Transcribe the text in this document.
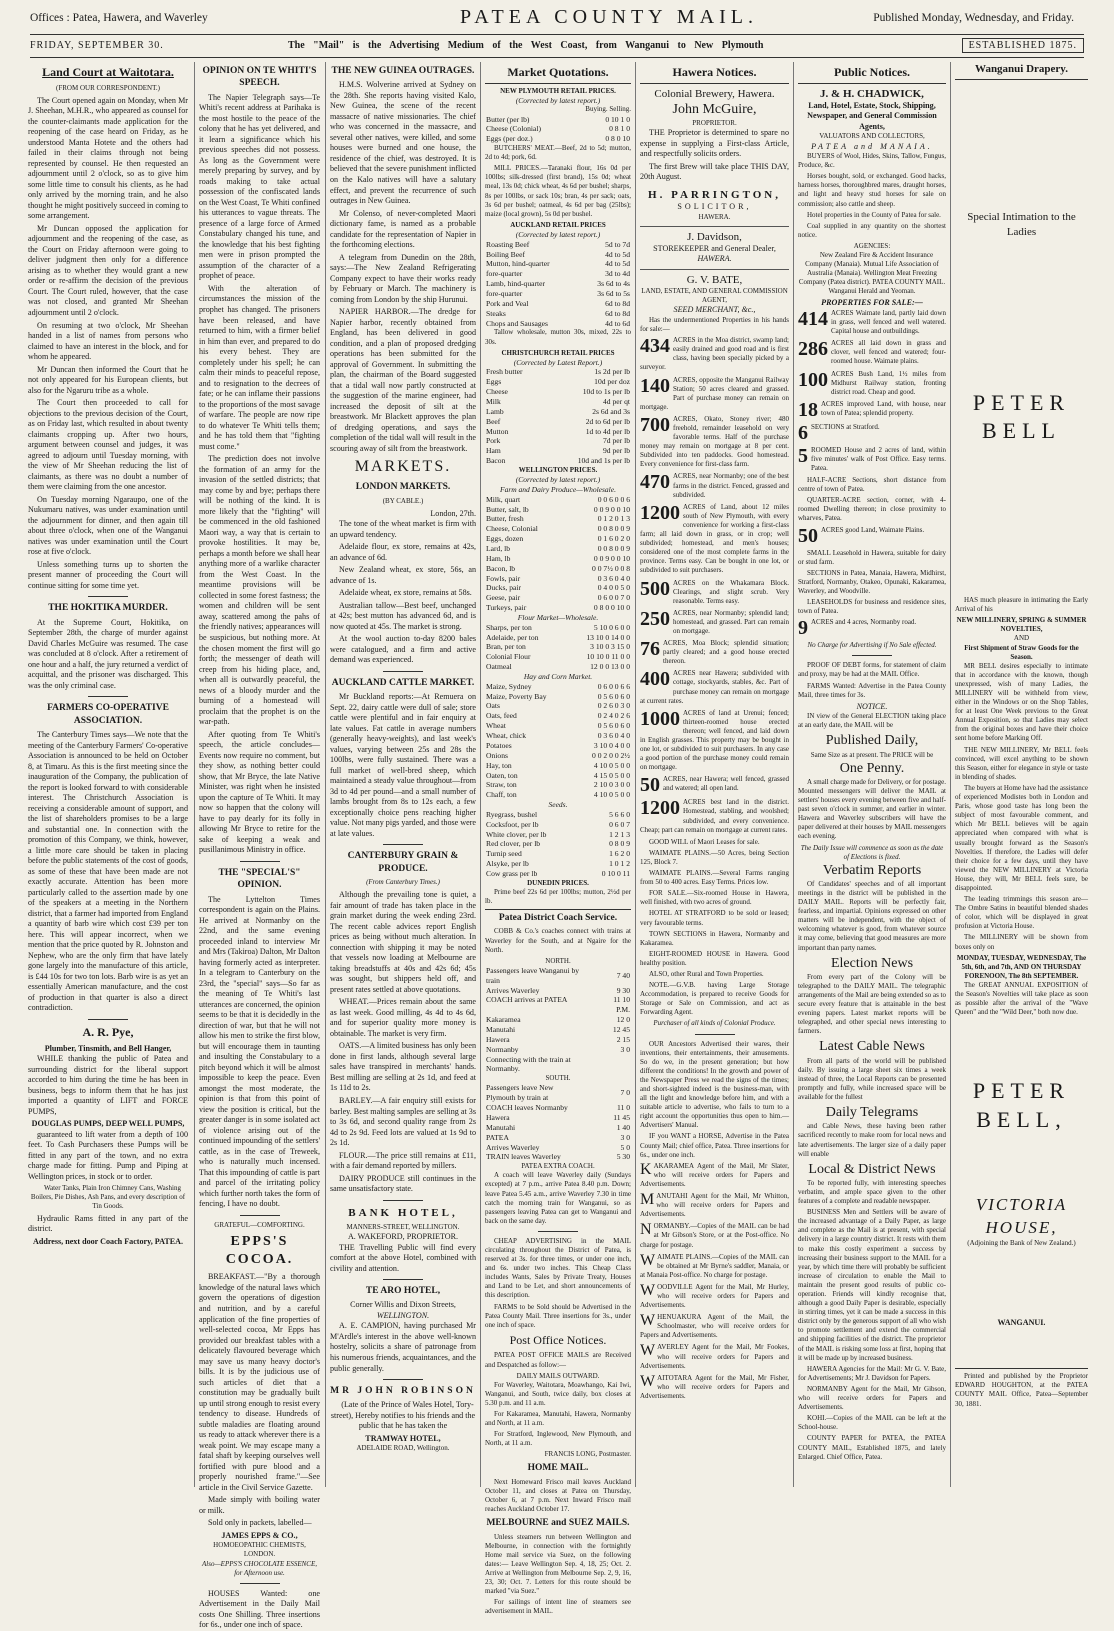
Offices : Patea, Hawera, and Waverley	PATEA COUNTY MAIL.	Published Monday, Wednesday, and Friday.
FRIDAY, SEPTEMBER 30.	The "Mail" is the Advertising Medium of the West Coast, from Wanganui to New Plymouth	ESTABLISHED 1875.
Land Court at Waitotara.
(FROM OUR CORRESPONDENT.)

The Court opened again on Monday, when Mr J. Sheehan, M.H.R., who appeared as counsel for the counter-claimants made application for the reopening of the case heard on Friday, as he understood Manta Hotete and the others had failed in their claims through not being represented by counsel. He then requested an adjournment until 2 o'clock, so as to give him some little time to consult his clients, as he had only arrived by the morning train, and he also thought he might positively succeed in coming to some arrangement.

Mr Duncan opposed the application for adjournment and the reopening of the case, as the Court on Friday afternoon were going to deliver judgment then only for a difference arising as to whether they would grant a new order or re-affirm the decision of the previous Court. The Court ruled, however, that the case was not closed, and granted Mr Sheehan adjournment until 2 o'clock.

On resuming at two o'clock, Mr Sheehan handed in a list of names from persons who claimed to have an interest in the block, and for whom he appeared.

Mr Duncan then informed the Court that he not only appeared for his European clients, but also for the Ngaruru tribe as a whole.

The Court then proceeded to call for objections to the previous decision of the Court, as on Friday last, which resulted in about twenty claimants cropping up. After two hours, argument between counsel and judges, it was agreed to adjourn until Tuesday morning, with the view of Mr Sheehan reducing the list of claimants, as there was no doubt a number of them were claiming from the one ancestor.

On Tuesday morning Ngaraupo, one of the Nukumaru natives, was under examination until the adjournment for dinner, and then again till about three o'clock, when one of the Wanganui natives was under examination until the Court rose at five o'clock.

Unless something turns up to shorten the present manner of proceeding the Court will continue sitting for some time yet.

THE HOKITIKA MURDER.

At the Supreme Court, Hokitika, on September 28th, the charge of murder against David Charles McGuire was resumed. The case was concluded at 8 o'clock. After a retirement of one hour and a half, the jury returned a verdict of acquittal, and the prisoner was discharged. This was the only criminal case.

FARMERS CO-OPERATIVE ASSOCIATION.

The Canterbury Times says—We note that the meeting of the Canterbury Farmers' Co-operative Association is announced to be held on October 8, at Timaru. As this is the first meeting since the inauguration of the Company, the publication of the report is looked forward to with considerable interest. The Christchurch Association is receiving a considerable amount of support, and the list of shareholders promises to be a large and substantial one. In connection with the promotion of this Company, we think, however, a little more care should be taken in placing before the public statements of the cost of goods, as some of these that have been made are not exactly accurate. Attention has been more particularly called to the assertion made by one of the speakers at a meeting in the Northern district, that a farmer had imported from England a quantity of barb wire which cost £39 per ton here. This will appear incorrect, when we mention that the price quoted by R. Johnston and Nephew, who are the only firm that have lately gone largely into the manufacture of this article, is £44 10s for two ton lots. Barb wire is as yet an essentially American manufacture, and the cost of production in that quarter is also a direct contradiction.

A. R. Pye,
Plumber, Tinsmith, and Bell Hanger,

WHILE thanking the public of Patea and surrounding district for the liberal support accorded to him during the time he has been in business, begs to inform them that he has just imported a quantity of LIFT and FORCE PUMPS,

DOUGLAS PUMPS, DEEP WELL PUMPS,

guaranteed to lift water from a depth of 100 feet. To Cash Purchasers these Pumps will be fitted in any part of the town, and no extra charge made for fitting. Pump and Piping at Wellington prices, in stock or to order.

Water Tanks, Plain Iron Chimney Cans, Washing Boilers, Pie Dishes, Ash Pans, and every description of Tin Goods.

Hydraulic Rams fitted in any part of the district.

Address, next door Coach Factory, PATEA.
OPINION ON TE WHITI'S SPEECH.

The Napier Telegraph says—Te Whiti's recent address at Parihaka is the most hostile to the peace of the colony that he has yet delivered, and it learn a significance which his previous speeches did not possess. As long as the Government were merely preparing by survey, and by roads making to take actual possession of the confiscated lands on the West Coast, Te Whiti confined his utterances to vague threats. The presence of a large force of Armed Constabulary changed his tune, and the knowledge that his best fighting men were in prison prompted the assumption of the character of a prophet of peace.

With the alteration of circumstances the mission of the prophet has changed. The prisoners have been released, and have returned to him, with a firmer belief in him than ever, and prepared to do his every behest. They are completely under his spell; he can calm their minds to peaceful repose, and to resignation to the decrees of fate; or he can inflame their passions to the proportions of the most savage of warfare. The people are now ripe to do whatever Te Whiti tells them; and he has told them that "fighting must come."

The prediction does not involve the formation of an army for the invasion of the settled districts; that may come by and bye; perhaps there will be nothing of the kind. It is more likely that the "fighting" will be commenced in the old fashioned Maori way, a way that is certain to provoke hostilities. It may be, perhaps a month before we shall hear anything more of a warlike character from the West Coast. In the meantime provisions will be collected in some forest fastness; the women and children will be sent away, scattered among the pahs of the friendly natives; appearances will be suspicious, but nothing more. At the chosen moment the first will go forth; the messenger of death will creep from his hiding place, and, when all is outwardly peaceful, the news of a bloody murder and the burning of a homestead will proclaim that the prophet is on the war-path.

After quoting from Te Whiti's speech, the article concludes—Events now require no comment, but they show, as nothing better could show, that Mr Bryce, the late Native Minister, was right when he insisted upon the capture of Te Whiti. It may now so happen that the colony will have to pay dearly for its folly in allowing Mr Bryce to retire for the sake of keeping a weak and pusillanimous Ministry in office.

THE "SPECIAL'S" OPINION.

The Lyttelton Times correspondent is again on the Plains. He arrived at Normanby on the 22nd, and the same evening proceeded inland to interview Mr and Mrs (Takiroa) Dalton, Mr Dalton having formerly acted as interpreter. In a telegram to Canterbury on the 23rd, the "special" says—So far as the meaning of Te Whiti's last utterances are concerned, the opinion seems to be that it is decidedly in the direction of war, but that he will not allow his men to strike the first blow, but will encourage them in taunting and insulting the Constabulary to a pitch beyond which it will be almost impossible to keep the peace. Even amongst the most moderate, the opinion is that from this point of view the position is critical, but the greater danger is in some isolated act of violence arising out of the continued impounding of the settlers' cattle, as in the case of Treweek, who is naturally much incensed. That this impounding of cattle is part and parcel of the irritating policy which further north takes the form of fencing, I have no doubt.

GRATEFUL—COMFORTING.
EPPS'S COCOA.

BREAKFAST.—"By a thorough knowledge of the natural laws which govern the operations of digestion and nutrition, and by a careful application of the fine properties of well-selected cocoa, Mr Epps has provided our breakfast tables with a delicately flavoured beverage which may save us many heavy doctor's bills. It is by the judicious use of such articles of diet that a constitution may be gradually built up until strong enough to resist every tendency to disease. Hundreds of subtle maladies are floating around us ready to attack wherever there is a weak point. We may escape many a fatal shaft by keeping ourselves well fortified with pure blood and a properly nourished frame."—See article in the Civil Service Gazette.

Made simply with boiling water or milk.

Sold only in packets, labelled—

JAMES EPPS & CO.,
HOMOEOPATHIC CHEMISTS, LONDON.
Also—EPPS'S CHOCOLATE ESSENCE, for Afternoon use.

HOUSES Wanted: one Advertisement in the Daily Mail costs One Shilling. Three insertions for 6s., under one inch of space.

THE NEW GUINEA OUTRAGES.

H.M.S. Wolverine arrived at Sydney on the 28th. She reports having visited Kalo, New Guinea, the scene of the recent massacre of native missionaries. The chief who was concerned in the massacre, and several other natives, were killed, and some houses were burned and one house, the residence of the chief, was destroyed. It is believed that the severe punishment inflicted on the Kalo natives will have a salutary effect, and prevent the recurrence of such outrages in New Guinea.

Mr Colenso, of never-completed Maori dictionary fame, is named as a probable candidate for the representation of Napier in the forthcoming elections.

A telegram from Dunedin on the 28th, says:—The New Zealand Refrigerating Company expect to have their works ready by February or March. The machinery is coming from London by the ship Hurunui.

NAPIER HARBOR.—The dredge for Napier harbor, recently obtained from England, has been delivered in good condition, and a plan of proposed dredging operations has been submitted for the approval of Government. In submitting the plan, the chairman of the Board suggested that a tidal wall now partly constructed at the suggestion of the marine engineer, had increased the deposit of silt at the breastwork. Mr Blackett approves the plan of dredging operations, and says the completion of the tidal wall will result in the scouring away of silt from the breastwork.

MARKETS.
LONDON MARKETS.
(BY CABLE.)
London, 27th.

The tone of the wheat market is firm with an upward tendency.

Adelaide flour, ex store, remains at 42s, an advance of 6d.

New Zealand wheat, ex store, 56s, an advance of 1s.

Adelaide wheat, ex store, remains at 58s.

Australian tallow—Best beef, unchanged at 42s; best mutton has advanced 6d, and is now quoted at 45s. The market is strong.

At the wool auction to-day 8200 bales were catalogued, and a firm and active demand was experienced.

AUCKLAND CATTLE MARKET.

Mr Buckland reports:—At Remuera on Sept. 22, dairy cattle were dull of sale; store cattle were plentiful and in fair enquiry at late values. Fat cattle in average numbers (generally heavy-weights), and last week's values, varying between 25s and 28s the 100lbs, were fully sustained. There was a full market of well-bred sheep, which maintained a steady value throughout—from 3d to 4d per pound—and a small number of lambs brought from 8s to 12s each, a few exceptionally choice pens reaching higher value. Not many pigs yarded, and those were at late values.

CANTERBURY GRAIN & PRODUCE.
(From Canterbury Times.)

Although the prevailing tone is quiet, a fair amount of trade has taken place in the grain market during the week ending 23rd. The recent cable advices report English prices as being without much alteration. In connection with shipping it may be noted that vessels now loading at Melbourne are taking breadstuffs at 40s and 42s 6d; 45s was sought, but shippers held off, and present rates settled at above quotations.

WHEAT.—Prices remain about the same as last week. Good milling, 4s 4d to 4s 6d, and for superior quality more money is obtainable. The market is very firm.

OATS.—A limited business has only been done in first lands, although several large sales have transpired in merchants' hands. Best milling are selling at 2s 1d, and feed at 1s 11d to 2s.

BARLEY.—A fair enquiry still exists for barley. Best malting samples are selling at 3s to 3s 6d, and second quality range from 2s 4d to 2s 9d. Feed lots are valued at 1s 9d to 2s 1d.

FLOUR.—The price still remains at £11, with a fair demand reported by millers.

DAIRY PRODUCE still continues in the same unsatisfactory state.

BANK HOTEL,
MANNERS-STREET, WELLINGTON.
A. WAKEFORD, PROPRIETOR.

THE Travelling Public will find every comfort at the above Hotel, combined with civility and attention.

TE ARO HOTEL,
Corner Willis and Dixon Streets,
WELLINGTON.

A. E. CAMPION, having purchased Mr M'Ardle's interest in the above well-known hostelry, solicits a share of patronage from his numerous friends, acquaintances, and the public generally.

MR JOHN ROBINSON

(Late of the Prince of Wales Hotel, Tory-street), Hereby notifies to his friends and the public that he has taken the

TRAMWAY HOTEL,
ADELAIDE ROAD, Wellington.
Market Quotations.
NEW PLYMOUTH RETAIL PRICES.
(Corrected by latest report.)
Buying. Selling.
Butter (per lb)	0 10 1 0
Cheese (Colonial)	0 8 1 0
Eggs (per doz.)	0 8 0 10

BUTCHERS' MEAT.—Beef, 2d to 5d; mutton, 2d to 4d; pork, 6d.

MILL PRICES.—Taranaki flour, 16s 0d per 100lbs; silk-dressed (first brand), 15s 0d; wheat meal, 13s 0d; chick wheat, 4s 6d per bushel; sharps, 8s per 100lbs, or sack 10s; bran, 4s per sack; oats, 3s 6d per bushel; oatmeal, 4s 6d per bag (25lbs); maize (local grown), 5s 0d per bushel.

AUCKLAND RETAIL PRICES
(Corrected by latest report.)
Roasting Beef	5d to 7d
Boiling Beef	4d to 5d
Mutton, hind-quarter	4d to 5d
fore-quarter	3d to 4d
Lamb, hind-quarter	3s 6d to 4s
fore-quarter	3s 6d to 5s
Pork and Veal	6d to 8d
Steaks	6d to 8d
Chops and Sausages	4d to 6d

Tallow wholesale, mutton 30s, mixed, 22s to 30s.

CHRISTCHURCH RETAIL PRICES
(Corrected by Latest Report.)
Fresh butter	1s 2d per lb
Eggs	10d per doz
Cheese	10d to 1s per lb
Milk	4d per qt
Lamb	2s 6d and 3s
Beef	2d to 6d per lb
Mutton	1d to 4d per lb
Pork	7d per lb
Ham	9d per lb
Bacon	10d and 1s per lb
WELLINGTON PRICES.
(Corrected by latest report.)
Farm and Dairy Produce—Wholesale.
Milk, quart	0 0 6 0 0 6
Butter, salt, lb	0 0 9 0 0 10
Butter, fresh	0 1 2 0 1 3
Cheese, Colonial	0 0 8 0 0 9
Eggs, dozen	0 1 6 0 2 0
Lard, lb	0 0 8 0 0 9
Ham, lb	0 0 9 0 0 10
Bacon, lb	0 0 7½ 0 0 8
Fowls, pair	0 3 6 0 4 0
Ducks, pair	0 4 0 0 5 0
Geese, pair	0 6 0 0 7 0
Turkeys, pair	0 8 0 0 10 0
Flour Market—Wholesale.
Sharps, per ton	5 10 0 6 0 0
Adelaide, per ton	13 10 0 14 0 0
Bran, per ton	3 10 0 3 15 0
Colonial Flour	10 10 0 11 0 0
Oatmeal	12 0 0 13 0 0
Hay and Corn Market.
Maize, Sydney	0 6 0 0 6 6
Maize, Poverty Bay	0 5 6 0 6 0
Oats	0 2 6 0 3 0
Oats, feed	0 2 4 0 2 6
Wheat	0 5 6 0 6 0
Wheat, chick	0 3 6 0 4 0
Potatoes	3 10 0 4 0 0
Onions	0 0 2 0 0 2½
Hay, ton	4 10 0 5 0 0
Oaten, ton	4 15 0 5 0 0
Straw, ton	2 10 0 3 0 0
Chaff, ton	4 10 0 5 0 0
Seeds.
Ryegrass, bushel	5 6 6 0
Cocksfoot, per lb	0 6 0 7
White clover, per lb	1 2 1 3
Red clover, per lb	0 8 0 9
Turnip seed	1 6 2 0
Alsyke, per lb	1 0 1 2
Cow grass per lb	0 10 0 11
DUNEDIN PRICES.

Prime beef 22s 6d per 100lbs; mutton, 2½d per lb.

Patea District Coach Service.

COBB & Co.'s coaches connect with trains at Waverley for the South, and at Ngaire for the North.

NORTH.
Passengers leave Wanganui by train	7 40
Arrives Waverley	9 30
COACH arrives at PATEA	11 10
	P.M.
Kakaramea	12 0
Manutahi	12 45
Hawera	2 15
Normanby	3 0
Connecting with the train at Normanby.	
SOUTH.
Passengers leave New Plymouth by train at	7 0
COACH leaves Normanby	11 0
Hawera	11 45
Manutahi	1 40
PATEA	3 0
Arrives Waverley	5 0
TRAIN leaves Waverley	5 30
PATEA EXTRA COACH.

A coach will leave Waverley daily (Sundays excepted) at 7 p.m., arrive Patea 8.40 p.m. Down; leave Patea 5.45 a.m., arrive Waverley 7.30 in time catch the morning train for Wanganui, so as passengers leaving Patea can get to Wanganui and back on the same day.

CHEAP ADVERTISING in the MAIL circulating throughout the District of Patea, is reserved at 3s. for three times, or under one inch, and 6s. under two inches. This Cheap Class includes Wants, Sales by Private Treaty, Houses and Land to be Let, and short announcements of this description.

FARMS to be Sold should be Advertised in the Patea County Mail. Three insertions for 3s., under one inch of space.

Post Office Notices.

PATEA POST OFFICE MAILS are Received and Despatched as follow:—

DAILY MAILS OUTWARD.

For Waverley, Waitotara, Moawhango, Kai Iwi, Wanganui, and South, twice daily, box closes at 5.30 p.m. and 11 a.m.

For Kakaramea, Manutahi, Hawera, Normanby and North, at 11 a.m.

For Stratford, Inglewood, New Plymouth, and North, at 11 a.m.

FRANCIS LONG, Postmaster.
HOME MAIL.

Next Homeward Frisco mail leaves Auckland October 11, and closes at Patea on Thursday, October 6, at 7 p.m. Next Inward Frisco mail reaches Auckland October 17.

MELBOURNE and SUEZ MAILS.

Unless steamers run between Wellington and Melbourne, in connection with the fortnightly Home mail service via Suez, on the following dates:— Leave Wellington Sep. 4, 18, 25; Oct. 2. Arrive at Wellington from Melbourne Sep. 2, 9, 16, 23, 30; Oct. 7. Letters for this route should be marked "via Suez."

For sailings of intent line of steamers see advertisement in MAIL.

Hawera Notices.
Colonial Brewery, Hawera.
John McGuire,
PROPRIETOR.

THE Proprietor is determined to spare no expense in supplying a First-class Article, and respectfully solicits orders.

The first Brew will take place THIS DAY, 20th August.

H. PARRINGTON,
SOLICITOR,
HAWERA.
J. Davidson,
STOREKEEPER and General Dealer,
HAWERA.
G. V. BATE,
LAND, ESTATE, AND GENERAL COMMISSION AGENT,
SEED MERCHANT, &c.,

Has the undermentioned Properties in his hands for sale:—

434 ACRES in the Moa district, swamp land; easily drained and good road and is first class, having been specially picked by a surveyor.
140 ACRES, opposite the Manganui Railway Station; 50 acres cleared and grassed. Part of purchase money can remain on mortgage.
700 ACRES, Okato, Stoney river; 480 freehold, remainder leasehold on very favorable terms. Half of the purchase money may remain on mortgage at 8 per cent. Subdivided into ten paddocks. Good homestead. Every convenience for first-class farm.
470 ACRES, near Normanby; one of the best farms in the district. Fenced, grassed and subdivided.
1200 ACRES of Land, about 12 miles south of New Plymouth, with every convenience for working a first-class farm; all laid down in grass, or in crop; well subdivided; homestead, and men's houses; considered one of the most complete farms in the province. Terms easy. Can be bought in one lot, or subdivided to suit purchasers.
500 ACRES on the Whakamara Block. Clearings, and slight scrub. Very reasonable. Terms easy.
250 ACRES, near Normanby; splendid land; homestead, and grassed. Part can remain on mortgage.
76 ACRES, Moa Block; splendid situation; partly cleared; and a good house erected thereon.
400 ACRES near Hawera; subdivided with cottage, stockyards, stables, &c. Part of purchase money can remain on mortgage at current rates.
1000 ACRES of land at Urenui; fenced; thirteen-roomed house erected thereon; well fenced, and laid down in English grasses. This property may be bought in one lot, or subdivided to suit purchasers. In any case a good portion of the purchase money could remain on mortgage.
50 ACRES, near Hawera; well fenced, grassed and watered; all open land.
1200 ACRES best land in the district. Homestead, stabling, and woolshed; subdivided, and every convenience. Cheap; part can remain on mortgage at current rates.

GOOD WILL of Maori Leases for sale.

WAIMATE PLAINS.—50 Acres, being Section 125, Block 7.

WAIMATE PLAINS.—Several Farms ranging from 50 to 400 acres. Easy Terms. Prices low.

FOR SALE.—Six-roomed House in Hawera, well finished, with two acres of ground.

HOTEL AT STRATFORD to be sold or leased; very favourable terms.

TOWN SECTIONS in Hawera, Normanby and Kakaramea.

EIGHT-ROOMED HOUSE in Hawera. Good healthy position.

ALSO, other Rural and Town Properties.

NOTE.—G.V.B. having Large Storage Accommodation, is prepared to receive Goods for Storage or Sale on Commission, and act as Forwarding Agent.

Purchaser of all kinds of Colonial Produce.

OUR Ancestors Advertised their wares, their inventions, their entertainments, their amusements. So do we, in the present generation; but how different the conditions! In the growth and power of the Newspaper Press we read the signs of the times; and short-sighted indeed is the business-man, with all the light and knowledge before him, and with a suitable article to advertise, who fails to turn to a right account the opportunities thus open to him.—Advertisers' Manual.

IF you WANT a HORSE, Advertise in the Patea County Mail; chief office, Patea. Three insertions for 6s., under one inch.

KAKARAMEA Agent of the Mail, Mr Slater, who will receive orders for Papers and Advertisements.
MANUTAHI Agent for the Mail, Mr Whitton, who will receive orders for Papers and Advertisements.
NORMANBY.—Copies of the MAIL can be had at Mr Gibson's Store, or at the Post-office. No charge for postage.
WAIMATE PLAINS.—Copies of the MAIL can be obtained at Mr Byrne's saddler, Manaia, or at Manaia Post-office. No charge for postage.
WOODVILLE Agent for the Mail, Mr Hurley, who will receive orders for Papers and Advertisements.
WHENUAKURA Agent of the Mail, the Schoolmaster, who will receive orders for Papers and Advertisements.
WAVERLEY Agent for the Mail, Mr Fookes, who will receive orders for Papers and Advertisements.
WAITOTARA Agent for the Mail, Mr Fisher, who will receive orders for Papers and Advertisements.
Public Notices.
J. & H. CHADWICK,
Land, Hotel, Estate, Stock, Shipping, Newspaper, and General Commission Agents,
VALUATORS AND COLLECTORS,
PATEA and MANAIA.

BUYERS of Wool, Hides, Skins, Tallow, Fungus, Produce, &c.

Horses bought, sold, or exchanged. Good hacks, harness horses, thoroughbred mares, draught horses, and light and heavy stud horses for sale on commission; also cattle and sheep.

Hotel properties in the County of Patea for sale.

Coal supplied in any quantity on the shortest notice.

AGENCIES:

New Zealand Fire & Accident Insurance Company (Manaia). Mutual Life Association of Australia (Manaia). Wellington Meat Freezing Company (Patea district). PATEA COUNTY MAIL. Wanganui Herald and Yeoman.

PROPERTIES FOR SALE:—
414 ACRES Waimate land, partly laid down in grass, well fenced and well watered. Capital house and outbuildings.
286 ACRES all laid down in grass and clover, well fenced and watered; four-roomed house. Waimate plains.
100 ACRES Bush Land, 1½ miles from Midhurst Railway station, fronting district road. Cheap and good.
18 ACRES improved Land, with house, near town of Patea; splendid property.
6 SECTIONS at Stratford.
5 ROOMED House and 2 acres of land, within five minutes' walk of Post Office. Easy terms. Patea.

HALF-ACRE Sections, short distance from centre of town of Patea.

QUARTER-ACRE section, corner, with 4-roomed Dwelling thereon; in close proximity to wharves, Patea.

50 ACRES good Land, Waimate Plains.

SMALL Leasehold in Hawera, suitable for dairy or stud farm.

SECTIONS in Patea, Manaia, Hawera, Midhirst, Stratford, Normanby, Otakeo, Opunaki, Kakaramea, Waverley, and Woodville.

LEASEHOLDS for business and residence sites, town of Patea.

9 ACRES and 4 acres, Normanby road.
No Charge for Advertising if No Sale effected.

PROOF OF DEBT forms, for statement of claim and proxy, may be had at the MAIL Office.

FARMS Wanted: Advertise in the Patea County Mail, three times for 3s.

NOTICE.

IN view of the General ELECTION taking place at an early date, the MAIL will be

Published Daily,
Same Size as at present. The PRICE will be
One Penny.

A small charge made for Delivery, or for postage. Mounted messengers will deliver the MAIL at settlers' houses every evening between five and half-past seven o'clock in summer, and earlier in winter. Hawera and Waverley subscribers will have the paper delivered at their houses by MAIL messengers each evening.

The Daily Issue will commence as soon as the date of Elections is fixed.
Verbatim Reports

Of Candidates' speeches and of all important meetings in the district will be published in the DAILY MAIL. Reports will be perfectly fair, fearless, and impartial. Opinions expressed on other matters will be independent, with the object of welcoming whatever is good, from whatever source it may come, believing that good measures are more important than party names.

Election News

From every part of the Colony will be telegraphed to the DAILY MAIL. The telegraphic arrangements of the Mail are being extended so as to secure every feature that is attainable in the best evening papers. Latest market reports will be telegraphed, and other special news interesting to farmers.

Latest Cable News

From all parts of the world will be published daily. By issuing a large sheet six times a week instead of three, the Local Reports can be presented promptly and fully, while increased space will be available for the fullest

Daily Telegrams

and Cable News, these having been rather sacrificed recently to make room for local news and late advertisements. The larger size of a daily paper will enable

Local & District News

To be reported fully, with interesting speeches verbatim, and ample space given to the other features of a complete and readable newspaper.

BUSINESS Men and Settlers will be aware of the increased advantage of a Daily Paper, as large and complete as the Mail is at present, with special delivery in a large country district. It rests with them to make this costly experiment a success by increasing their business support to the MAIL for a year, by which time there will probably be sufficient increase of circulation to enable the Mail to maintain the present good results of public co-operation. Friends will kindly recognise that, although a good Daily Paper is desirable, especially in stirring times, yet it can be made a success in this district only by the generous support of all who wish to promote settlement and extend the commercial and shipping facilities of the district. The proprietor of the MAIL is risking some loss at first, hoping that it will be made up by increased business.

HAWERA Agencies for the Mail: Mr G. V. Bate, for Advertisements; Mr J. Davidson for Papers.

NORMANBY Agent for the Mail, Mr Gibson, who will receive orders for Papers and Advertisements.

KOHI.—Copies of the MAIL can be left at the School-house.

COUNTY PAPER for PATEA, the PATEA COUNTY MAIL, Established 1875, and lately Enlarged. Chief Office, Patea.

Wanganui Drapery.
Special Intimation to the Ladies
PETER BELL

HAS much pleasure in intimating the Early Arrival of his

NEW MILLINERY, SPRING & SUMMER NOVELTIES,
AND
First Shipment of Straw Goods for the Season.

MR BELL desires especially to intimate that in accordance with the known, though unexpressed, wish of many Ladies, the MILLINERY will be withheld from view, either in the Windows or on the Shop Tables, for at least One Week previous to the Great Annual Exposition, so that Ladies may select from the original boxes and have their choice sent home before Marking Off.

THE NEW MILLINERY, Mr BELL feels convinced, will excel anything to be shown this Season, either for elegance in style or taste in blending of shades.

The buyers at Home have had the assistance of experienced Modistes both in London and Paris, whose good taste has long been the subject of most favourable comment, and which Mr BELL believes will be again appreciated when compared with what is usually brought forward as the Season's Novelties. If therefore, the Ladies will defer their choice for a few days, until they have viewed the NEW MILLINERY at Victoria House, they will, Mr BELL feels sure, be disappointed.

The leading trimmings this season are—The Ombre Satins in beautiful blended shades of color, which will be displayed in great profusion at Victoria House.

The MILLINERY will be shown from boxes only on

MONDAY, TUESDAY, WEDNESDAY, The 5th, 6th, and 7th, AND ON THURSDAY FORENOON, The 8th SEPTEMBER.

The GREAT ANNUAL EXPOSITION of the Season's Novelties will take place as soon as possible after the arrival of the "Wave Queen" and the "Wild Deer," both now due.

PETER BELL,
VICTORIA HOUSE,
(Adjoining the Bank of New Zealand.)
WANGANUI.

Printed and published by the Proprietor EDWARD HOUGHTON, at the PATEA COUNTY MAIL Office, Patea—September 30, 1881.
